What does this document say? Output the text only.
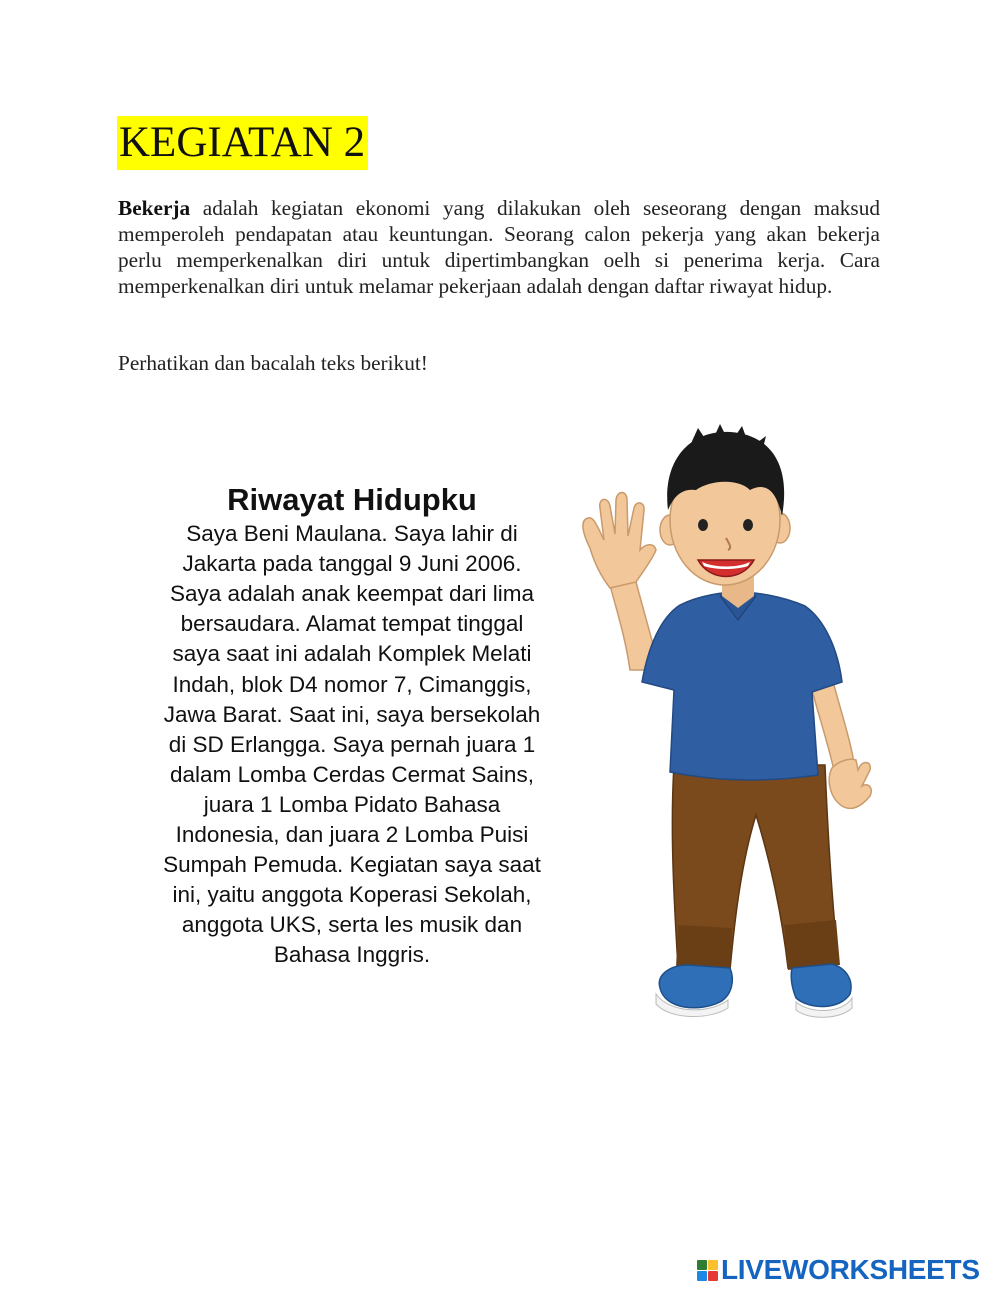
KEGIATAN 2

Bekerja adalah kegiatan ekonomi yang dilakukan oleh seseorang dengan maksud memperoleh pendapatan atau keuntungan. Seorang calon pekerja yang akan bekerja perlu memperkenalkan diri untuk dipertimbangkan oelh si penerima kerja. Cara memperkenalkan diri untuk melamar pekerjaan adalah dengan daftar riwayat hidup.

Perhatikan dan bacalah teks berikut!

Riwayat Hidupku

Saya Beni Maulana. Saya lahir di

Jakarta pada tanggal 9 Juni 2006.

Saya adalah anak keempat dari lima

bersaudara. Alamat tempat tinggal

saya saat ini adalah Komplek Melati

Indah, blok D4 nomor 7, Cimanggis,

Jawa Barat. Saat ini, saya bersekolah

di SD Erlangga. Saya pernah juara 1

dalam Lomba Cerdas Cermat Sains,

juara 1 Lomba Pidato Bahasa

Indonesia, dan juara 2 Lomba Puisi

Sumpah Pemuda. Kegiatan saya saat

ini, yaitu anggota Koperasi Sekolah,

anggota UKS, serta les musik dan

Bahasa Inggris.

LIVEWORKSHEETS
